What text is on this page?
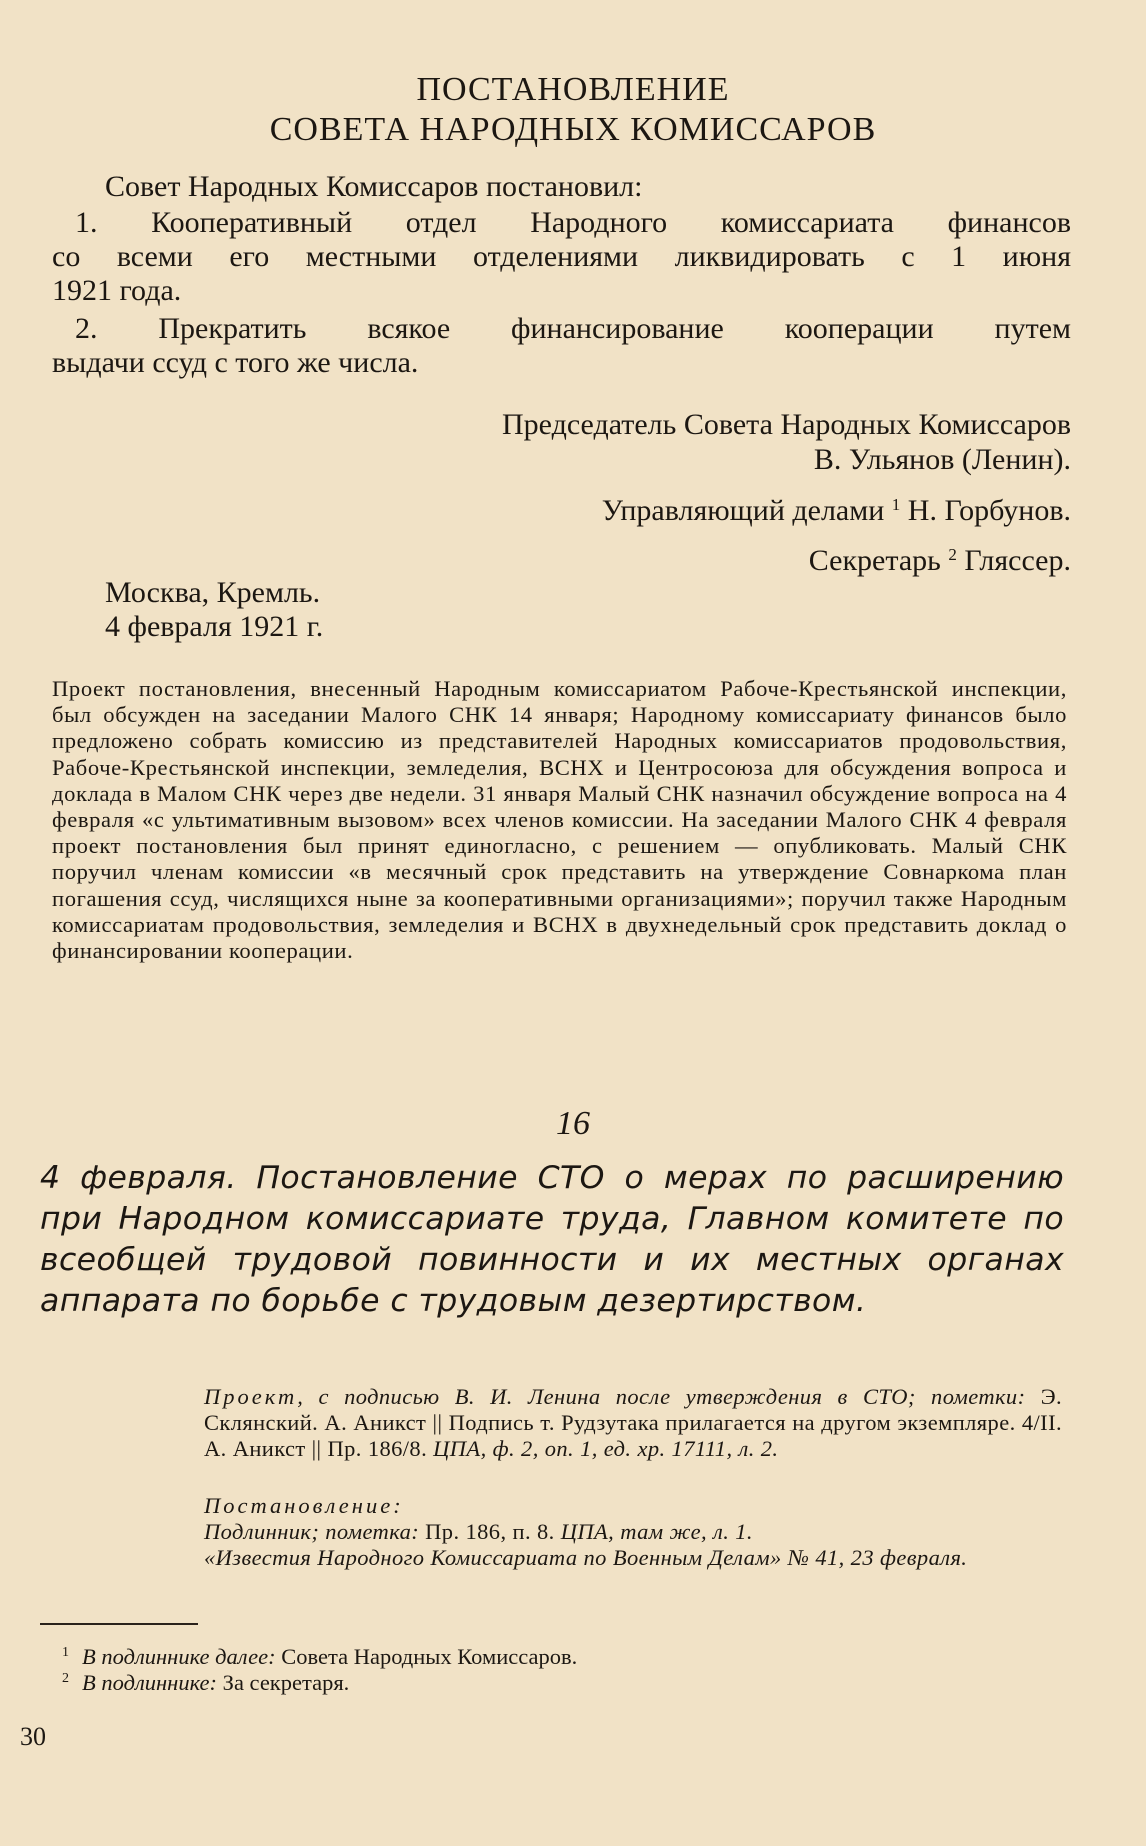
ПОСТАНОВЛЕНИЕ
СОВЕТА НАРОДНЫХ КОМИССАРОВ
Совет Народных Комиссаров постановил:
1. Кооперативный отдел Народного комиссариата финансов
со всеми его местными отделениями ликвидировать с 1 июня
1921 года.
2. Прекратить всякое финансирование кооперации путем
выдачи ссуд с того же числа.
Председатель Совета Народных Комиссаров
В. Ульянов (Ленин).
Управляющий делами $^1$ Н. Горбунов.
Секретарь $^2$ Гляссер.
Москва, Кремль.
4 февраля 1921 г.
Проект постановления, внесенный Народным комиссариатом Рабоче-Крестьянской инспекции, был обсужден на заседании Малого СНК 14 января; Народному комиссариату финансов было предложено собрать комиссию из представителей Народных комиссариатов продовольствия, Рабоче-Крестьянской инспекции, земледелия, ВСНХ и Центросоюза для обсуждения вопроса и доклада в Малом СНК через две недели. 31 января Малый СНК назначил обсуждение вопроса на 4 февраля «с ультимативным вызовом» всех членов комиссии. На заседании Малого СНК 4 февраля проект постановления был принят единогласно, с решением — опубликовать. Малый СНК поручил членам комиссии «в месячный срок представить на утверждение Совнаркома план погашения ссуд, числящихся ныне за кооперативными организациями»; поручил также Народным комиссариатам продовольствия, земледелия и ВСНХ в двухнедельный срок представить доклад о финансировании кооперации.
16
4 февраля. Постановление СТО о мерах по расширению при Народном комиссариате труда, Главном комитете по всеобщей трудовой повинности и их местных органах аппарата по борьбе с трудовым дезертирством.
Проект, с подписью В. И. Ленина после утверждения в СТО; пометки: Э. Склянский. А. Аникст || Подпись т. Рудзутака прилагается на другом экземпляре. 4/II. А. Аникст || Пр. 186/8. ЦПА, ф. 2, оп. 1, ед. хр. 17111, л. 2.
Постановление:
Подлинник; пометка: Пр. 186, п. 8. ЦПА, там же, л. 1.
«Известия Народного Комиссариата по Военным Делам» № 41, 23 февраля.
1 В подлиннике далее: Совета Народных Комиссаров.
2 В подлиннике: За секретаря.
30
